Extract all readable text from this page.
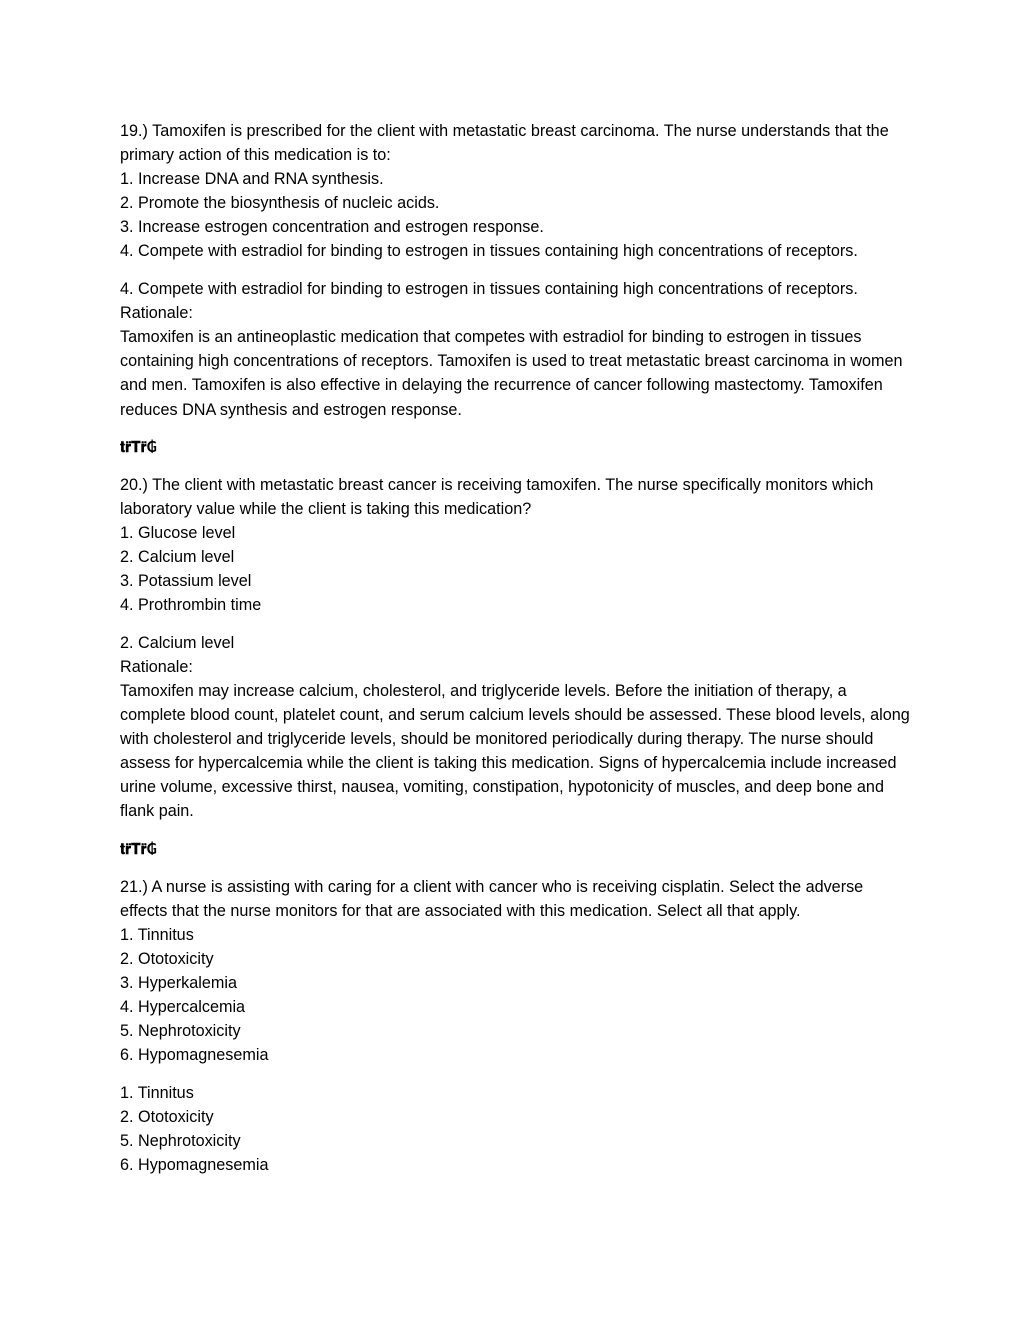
19.) Tamoxifen is prescribed for the client with metastatic breast carcinoma. The nurse understands that the primary action of this medication is to:
1. Increase DNA and RNA synthesis.
2. Promote the biosynthesis of nucleic acids.
3. Increase estrogen concentration and estrogen response.
4. Compete with estradiol for binding to estrogen in tissues containing high concentrations of receptors.
4. Compete with estradiol for binding to estrogen in tissues containing high concentrations of receptors.
Rationale:
Tamoxifen is an antineoplastic medication that competes with estradiol for binding to estrogen in tissues containing high concentrations of receptors. Tamoxifen is used to treat metastatic breast carcinoma in women and men. Tamoxifen is also effective in delaying the recurrence of cancer following mastectomy. Tamoxifen reduces DNA synthesis and estrogen response.
𝐭𝐫̈𝐓𝐫̈₲
20.) The client with metastatic breast cancer is receiving tamoxifen. The nurse specifically monitors which laboratory value while the client is taking this medication?
1. Glucose level
2. Calcium level
3. Potassium level
4. Prothrombin time
2. Calcium level
Rationale:
Tamoxifen may increase calcium, cholesterol, and triglyceride levels. Before the initiation of therapy, a complete blood count, platelet count, and serum calcium levels should be assessed. These blood levels, along with cholesterol and triglyceride levels, should be monitored periodically during therapy. The nurse should assess for hypercalcemia while the client is taking this medication. Signs of hypercalcemia include increased urine volume, excessive thirst, nausea, vomiting, constipation, hypotonicity of muscles, and deep bone and flank pain.
𝐭𝐫̈𝐓𝐫̈₲
21.) A nurse is assisting with caring for a client with cancer who is receiving cisplatin. Select the adverse effects that the nurse monitors for that are associated with this medication. Select all that apply.
1. Tinnitus
2. Ototoxicity
3. Hyperkalemia
4. Hypercalcemia
5. Nephrotoxicity
6. Hypomagnesemia
1. Tinnitus
2. Ototoxicity
5. Nephrotoxicity
6. Hypomagnesemia
